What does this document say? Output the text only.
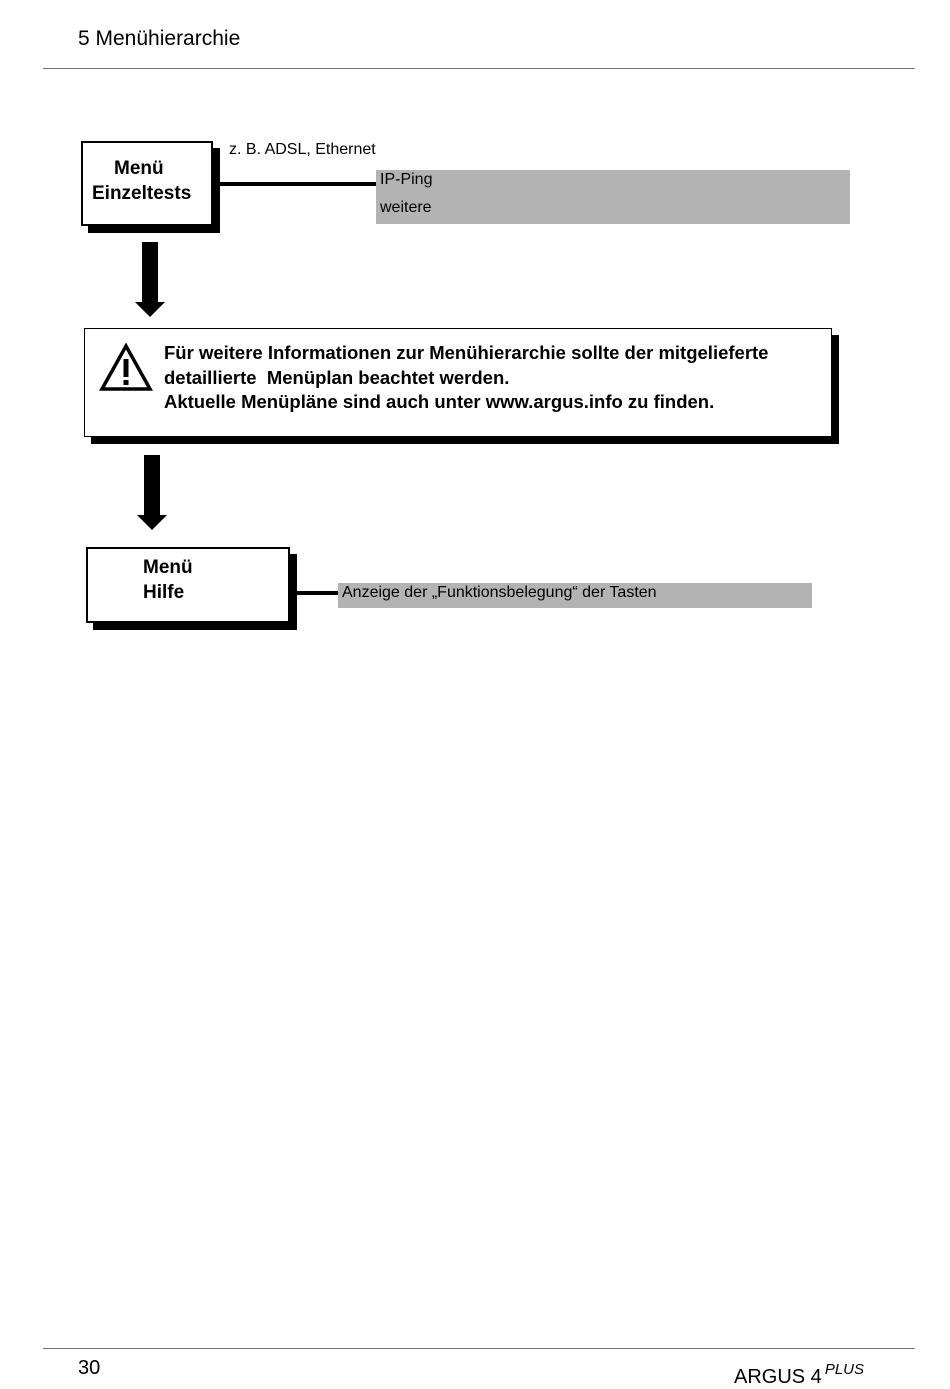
5 Menühierarchie
Menü
Einzeltests
z. B. ADSL, Ethernet
IP-Ping
weitere
Für weitere Informationen zur Menühierarchie sollte der mitgelieferte
detaillierte  Menüplan beachtet werden.
Aktuelle Menüpläne sind auch unter www.argus.info zu finden.
Menü
Hilfe	Anzeige der „Funktionsbelegung“ der Tasten
30	ARGUS 4 $^{PLUS}$
